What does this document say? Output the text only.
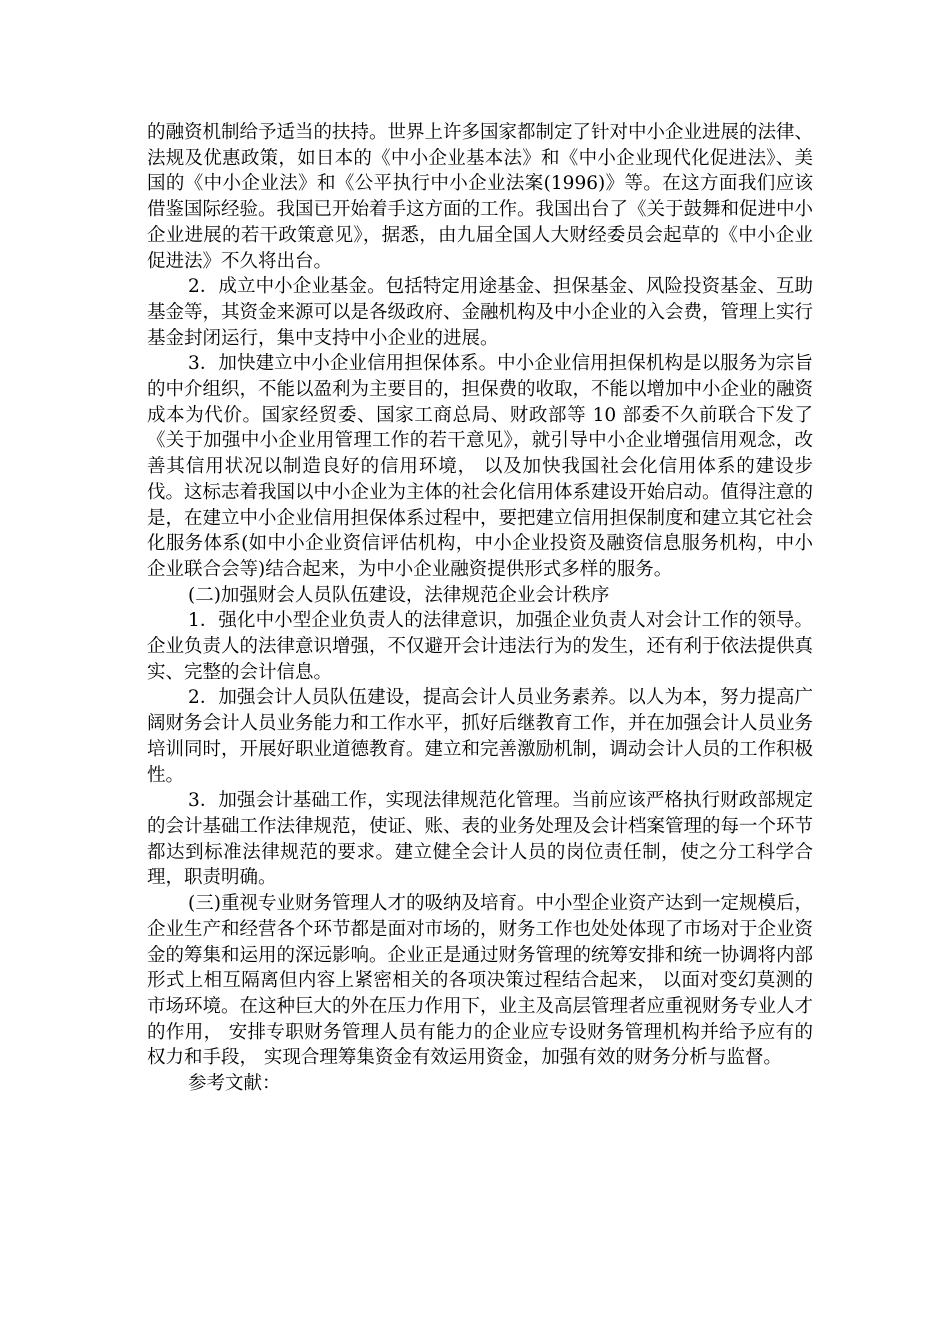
的融资机制给予适当的扶持。世界上许多国家都制定了针对中小企业进展的法律、法规及优惠政策，如日本的《中小企业基本法》和《中小企业现代化促进法》、美国的《中小企业法》和《公平执行中小企业法案(1996)》等。在这方面我们应该借鉴国际经验。我国已开始着手这方面的工作。我国出台了《关于鼓舞和促进中小企业进展的若干政策意见》，据悉，由九届全国人大财经委员会起草的《中小企业促进法》不久将出台。

2．成立中小企业基金。包括特定用途基金、担保基金、风险投资基金、互助基金等，其资金来源可以是各级政府、金融机构及中小企业的入会费，管理上实行基金封闭运行，集中支持中小企业的进展。

3．加快建立中小企业信用担保体系。中小企业信用担保机构是以服务为宗旨的中介组织，不能以盈利为主要目的，担保费的收取，不能以增加中小企业的融资成本为代价。国家经贸委、国家工商总局、财政部等 10 部委不久前联合下发了《关于加强中小企业用管理工作的若干意见》，就引导中小企业增强信用观念，改善其信用状况以制造良好的信用环境， 以及加快我国社会化信用体系的建设步伐。这标志着我国以中小企业为主体的社会化信用体系建设开始启动。值得注意的是，在建立中小企业信用担保体系过程中，要把建立信用担保制度和建立其它社会化服务体系(如中小企业资信评估机构，中小企业投资及融资信息服务机构，中小企业联合会等)结合起来，为中小企业融资提供形式多样的服务。

(二)加强财会人员队伍建设，法律规范企业会计秩序

1．强化中小型企业负责人的法律意识，加强企业负责人对会计工作的领导。企业负责人的法律意识增强，不仅避开会计违法行为的发生，还有利于依法提供真实、完整的会计信息。

2．加强会计人员队伍建设，提高会计人员业务素养。以人为本，努力提高广阔财务会计人员业务能力和工作水平，抓好后继教育工作，并在加强会计人员业务培训同时，开展好职业道德教育。建立和完善激励机制，调动会计人员的工作积极性。

3．加强会计基础工作，实现法律规范化管理。当前应该严格执行财政部规定的会计基础工作法律规范，使证、账、表的业务处理及会计档案管理的每一个环节都达到标准法律规范的要求。建立健全会计人员的岗位责任制，使之分工科学合理，职责明确。

(三)重视专业财务管理人才的吸纳及培育。中小型企业资产达到一定规模后，企业生产和经营各个环节都是面对市场的，财务工作也处处体现了市场对于企业资金的筹集和运用的深远影响。企业正是通过财务管理的统筹安排和统一协调将内部形式上相互隔离但内容上紧密相关的各项决策过程结合起来， 以面对变幻莫测的市场环境。在这种巨大的外在压力作用下，业主及高层管理者应重视财务专业人才的作用， 安排专职财务管理人员有能力的企业应专设财务管理机构并给予应有的权力和手段， 实现合理筹集资金有效运用资金，加强有效的财务分析与监督。

参考文献：
